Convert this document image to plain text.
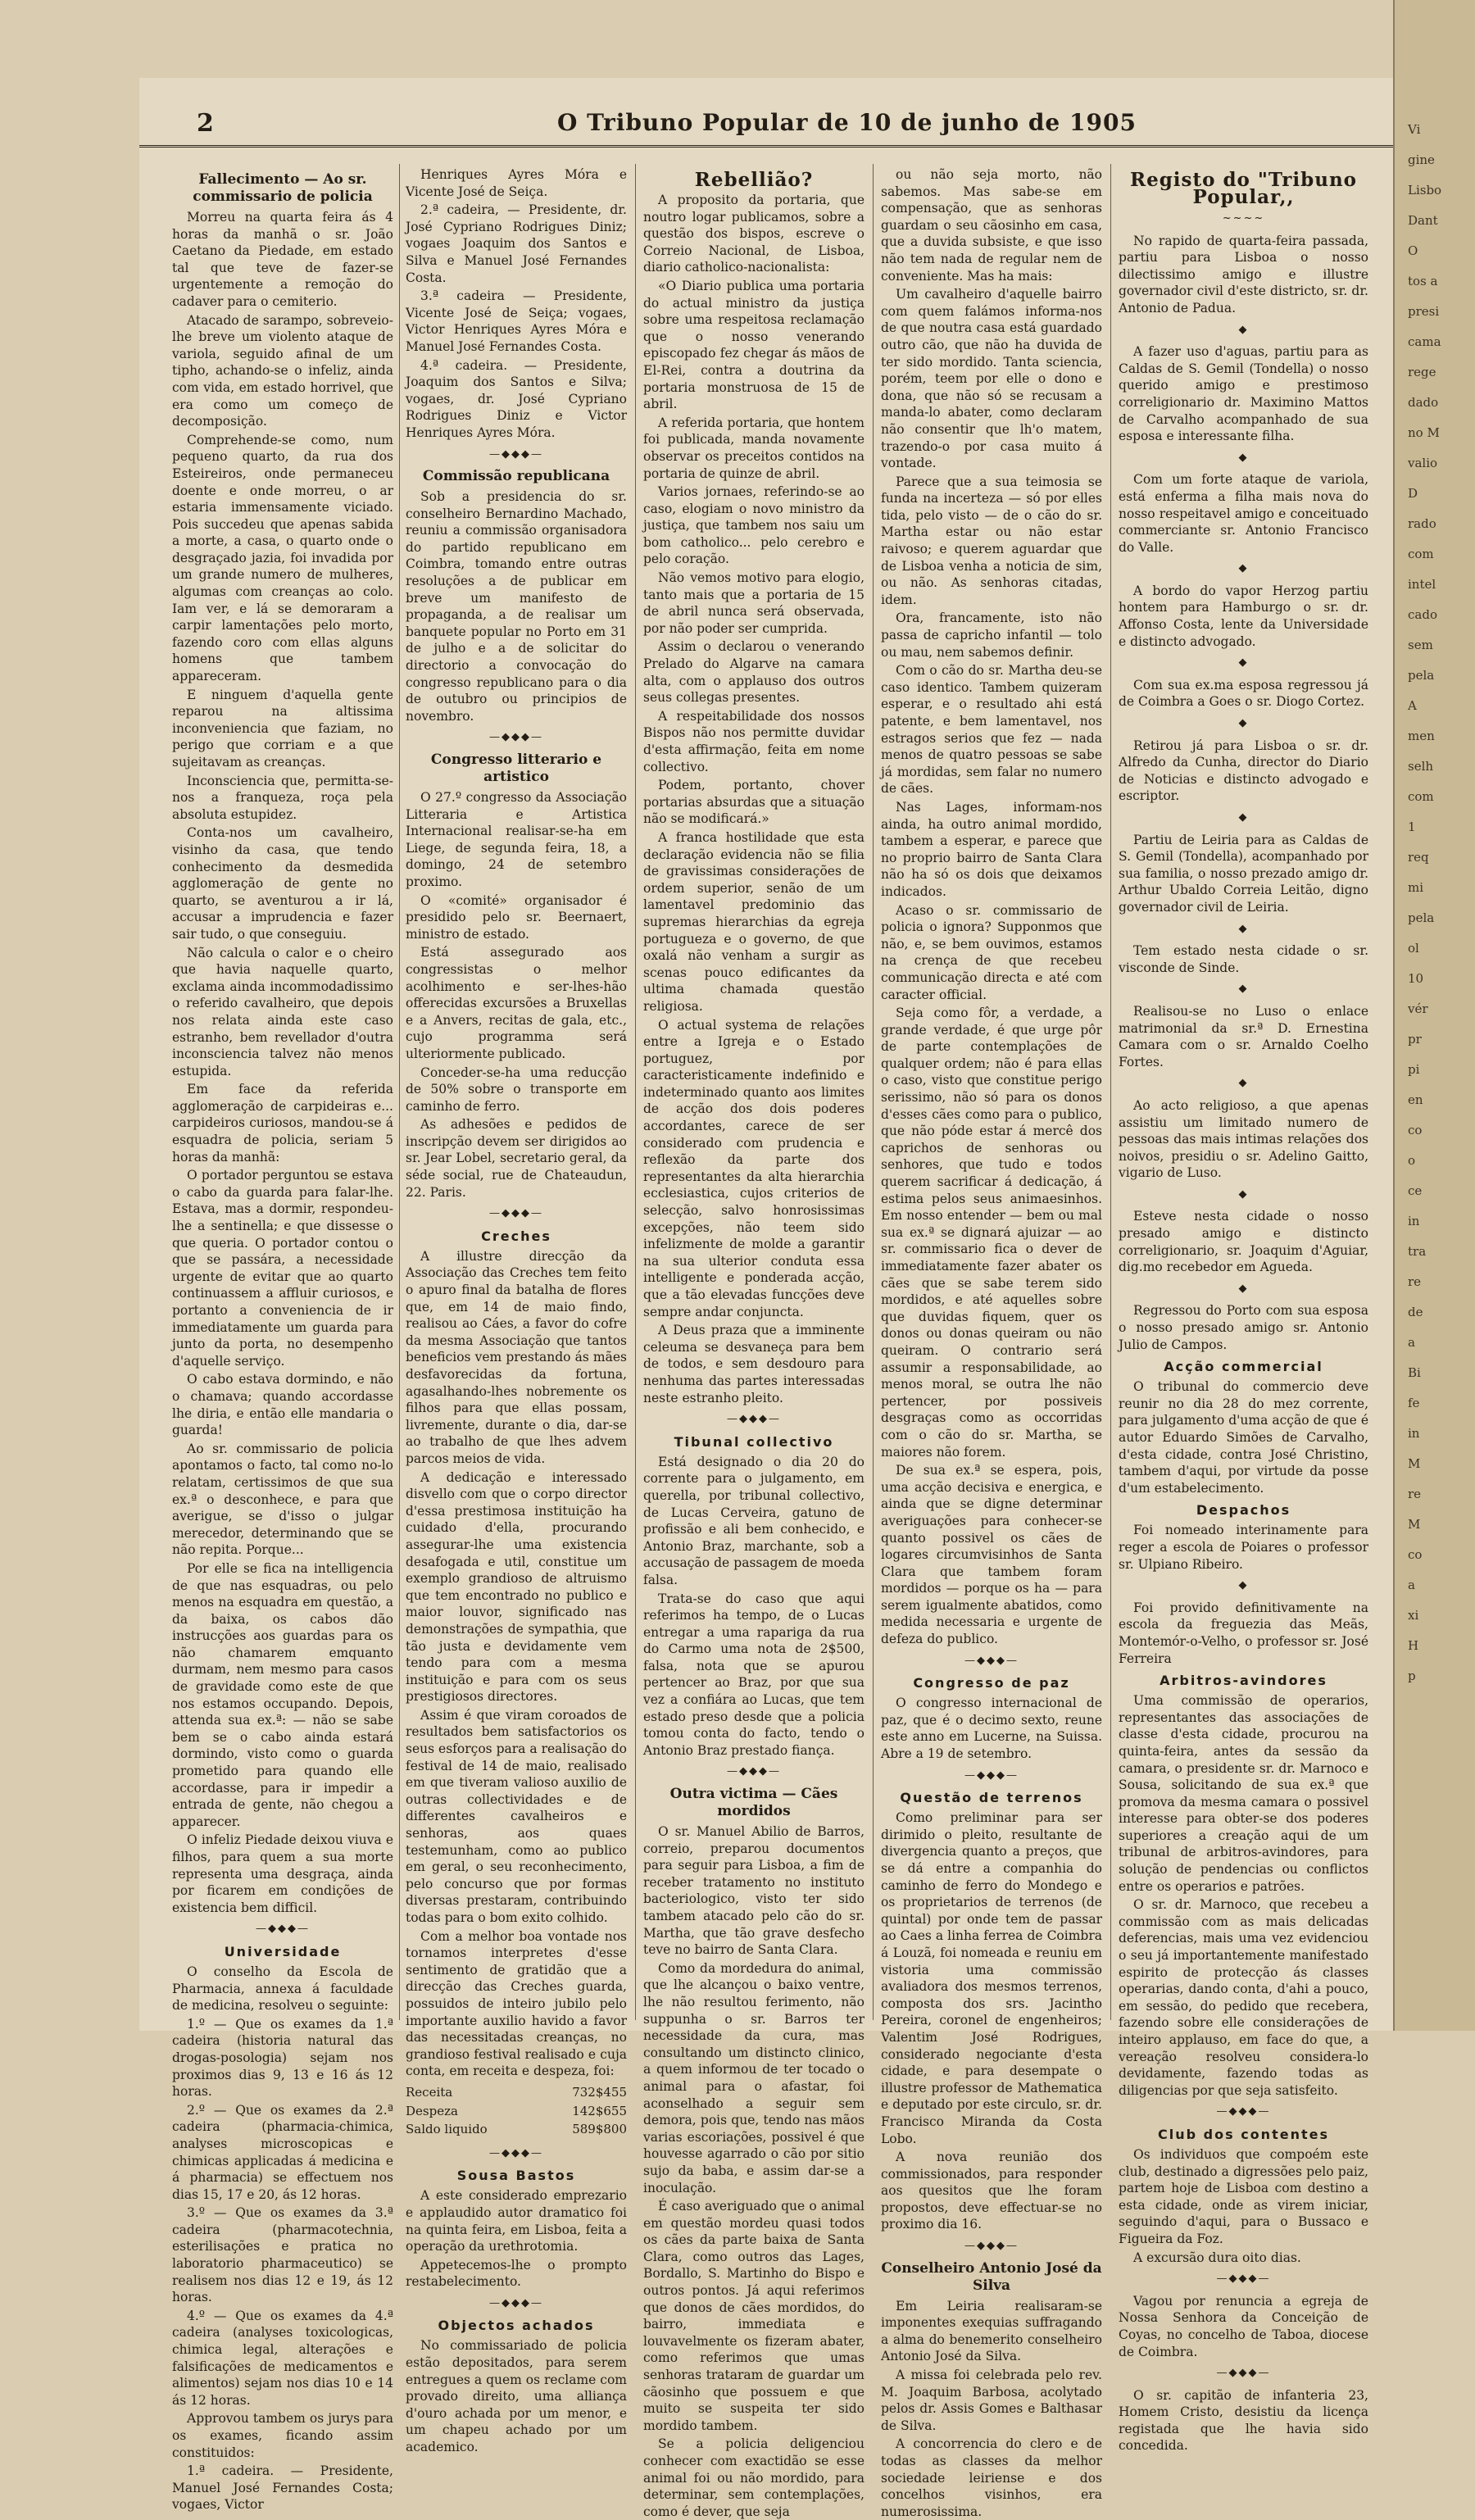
2	O Tribuno Popular de 10 de junho de 1905
Fallecimento — Ao sr. commissario de policia

Morreu na quarta feira ás 4 horas da manhã o sr. João Caetano da Piedade, em estado tal que teve de fazer-se urgentemente a remoção do cadaver para o cemiterio.

Atacado de sarampo, sobreveio-lhe breve um violento ataque de variola, seguido afinal de um tipho, achando-se o infeliz, ainda com vida, em estado horrivel, que era como um começo de decomposição.

Comprehende-se como, num pequeno quarto, da rua dos Esteireiros, onde permaneceu doente e onde morreu, o ar estaria immensamente viciado. Pois succedeu que apenas sabida a morte, a casa, o quarto onde o desgraçado jazia, foi invadida por um grande numero de mulheres, algumas com creanças ao colo. Iam ver, e lá se demoraram a carpir lamentações pelo morto, fazendo coro com ellas alguns homens que tambem appareceram.

E ninguem d'aquella gente reparou na altissima inconveniencia que faziam, no perigo que corriam e a que sujeitavam as creanças.

Inconsciencia que, permitta-se-nos a franqueza, roça pela absoluta estupidez.

Conta-nos um cavalheiro, visinho da casa, que tendo conhecimento da desmedida agglomeração de gente no quarto, se aventurou a ir lá, accusar a imprudencia e fazer sair tudo, o que conseguiu.

Não calcula o calor e o cheiro que havia naquelle quarto, exclama ainda incommodadissimo o referido cavalheiro, que depois nos relata ainda este caso estranho, bem revellador d'outra inconsciencia talvez não menos estupida.

Em face da referida agglomeração de carpideiras e... carpideiros curiosos, mandou-se á esquadra de policia, seriam 5 horas da manhã:

O portador perguntou se estava o cabo da guarda para falar-lhe. Estava, mas a dormir, respondeu-lhe a sentinella; e que dissesse o que queria. O portador contou o que se passára, a necessidade urgente de evitar que ao quarto continuassem a affluir curiosos, e portanto a conveniencia de ir immediatamente um guarda para junto da porta, no desempenho d'aquelle serviço.

O cabo estava dormindo, e não o chamava; quando accordasse lhe diria, e então elle mandaria o guarda!

Ao sr. commissario de policia apontamos o facto, tal como no-lo relatam, certissimos de que sua ex.ª o desconhece, e para que averigue, se d'isso o julgar merecedor, determinando que se não repita. Porque...

Por elle se fica na intelligencia de que nas esquadras, ou pelo menos na esquadra em questão, a da baixa, os cabos dão instrucções aos guardas para os não chamarem emquanto durmam, nem mesmo para casos de gravidade como este de que nos estamos occupando. Depois, attenda sua ex.ª: — não se sabe bem se o cabo ainda estará dormindo, visto como o guarda prometido para quando elle accordasse, para ir impedir a entrada de gente, não chegou a apparecer.

O infeliz Piedade deixou viuva e filhos, para quem a sua morte representa uma desgraça, ainda por ficarem em condições de existencia bem difficil.

—◆◆◆—
Universidade

O conselho da Escola de Pharmacia, annexa á faculdade de medicina, resolveu o seguinte:

1.º — Que os exames da 1.ª cadeira (historia natural das drogas-posologia) sejam nos proximos dias 9, 13 e 16 ás 12 horas.

2.º — Que os exames da 2.ª cadeira (pharmacia-chimica, analyses microscopicas e chimicas applicadas á medicina e á pharmacia) se effectuem nos dias 15, 17 e 20, ás 12 horas.

3.º — Que os exames da 3.ª cadeira (pharmacotechnia, esterilisações e pratica no laboratorio pharmaceutico) se realisem nos dias 12 e 19, ás 12 horas.

4.º — Que os exames da 4.ª cadeira (analyses toxicologicas, chimica legal, alterações e falsificações de medicamentos e alimentos) sejam nos dias 10 e 14 ás 12 horas.

Approvou tambem os jurys para os exames, ficando assim constituidos:

1.ª cadeira. — Presidente, Manuel José Fernandes Costa; vogaes, Victor

Henriques Ayres Móra e Vicente José de Seiça.

2.ª cadeira, — Presidente, dr. José Cypriano Rodrigues Diniz; vogaes Joaquim dos Santos e Silva e Manuel José Fernandes Costa.

3.ª cadeira — Presidente, Vicente José de Seiça; vogaes, Victor Henriques Ayres Móra e Manuel José Fernandes Costa.

4.ª cadeira. — Presidente, Joaquim dos Santos e Silva; vogaes, dr. José Cypriano Rodrigues Diniz e Victor Henriques Ayres Móra.

—◆◆◆—
Commissão republicana

Sob a presidencia do sr. conselheiro Bernardino Machado, reuniu a commissão organisadora do partido republicano em Coimbra, tomando entre outras resoluções a de publicar em breve um manifesto de propaganda, a de realisar um banquete popular no Porto em 31 de julho e a de solicitar do directorio a convocação do congresso republicano para o dia de outubro ou principios de novembro.

—◆◆◆—
Congresso litterario e artistico

O 27.º congresso da Associação Litteraria e Artistica Internacional realisar-se-ha em Liege, de segunda feira, 18, a domingo, 24 de setembro proximo.

O «comité» organisador é presidido pelo sr. Beernaert, ministro de estado.

Está assegurado aos congressistas o melhor acolhimento e ser-lhes-hão offerecidas excursões a Bruxellas e a Anvers, recitas de gala, etc., cujo programma será ulteriormente publicado.

Conceder-se-ha uma reducção de 50% sobre o transporte em caminho de ferro.

As adhesões e pedidos de inscripção devem ser dirigidos ao sr. Jear Lobel, secretario geral, da séde social, rue de Chateaudun, 22. Paris.

—◆◆◆—
Creches

A illustre direcção da Associação das Creches tem feito o apuro final da batalha de flores que, em 14 de maio findo, realisou ao Cáes, a favor do cofre da mesma Associação que tantos beneficios vem prestando ás mães desfavorecidas da fortuna, agasalhando-lhes nobremente os filhos para que ellas possam, livremente, durante o dia, dar-se ao trabalho de que lhes advem parcos meios de vida.

A dedicação e interessado disvello com que o corpo director d'essa prestimosa instituição ha cuidado d'ella, procurando assegurar-lhe uma existencia desafogada e util, constitue um exemplo grandioso de altruismo que tem encontrado no publico e maior louvor, significado nas demonstrações de sympathia, que tão justa e devidamente vem tendo para com a mesma instituição e para com os seus prestigiosos directores.

Assim é que viram coroados de resultados bem satisfactorios os seus esforços para a realisação do festival de 14 de maio, realisado em que tiveram valioso auxilio de outras collectividades e de differentes cavalheiros e senhoras, aos quaes testemunham, como ao publico em geral, o seu reconhecimento, pelo concurso que por formas diversas prestaram, contribuindo todas para o bom exito colhido.

Com a melhor boa vontade nos tornamos interpretes d'esse sentimento de gratidão que a direcção das Creches guarda, possuidos de inteiro jubilo pelo importante auxilio havido a favor das necessitadas creanças, no grandioso festival realisado e cuja conta, em receita e despeza, foi:

Receita	732$455
Despeza	142$655
Saldo liquido	589$800
—◆◆◆—
Sousa Bastos

A este considerado emprezario e applaudido autor dramatico foi na quinta feira, em Lisboa, feita a operação da urethrotomia.

Appetecemos-lhe o prompto restabelecimento.

—◆◆◆—
Objectos achados

No commissariado de policia estão depositados, para serem entregues a quem os reclame com provado direito, uma alliança d'ouro achada por um menor, e um chapeu achado por um academico.

Rebellião?

A proposito da portaria, que noutro logar publicamos, sobre a questão dos bispos, escreve o Correio Nacional, de Lisboa, diario catholico-nacionalista:

«O Diario publica uma portaria do actual ministro da justiça sobre uma respeitosa reclamação que o nosso venerando episcopado fez chegar ás mãos de El-Rei, contra a doutrina da portaria monstruosa de 15 de abril.

A referida portaria, que hontem foi publicada, manda novamente observar os preceitos contidos na portaria de quinze de abril.

Varios jornaes, referindo-se ao caso, elogiam o novo ministro da justiça, que tambem nos saiu um bom catholico... pelo cerebro e pelo coração.

Não vemos motivo para elogio, tanto mais que a portaria de 15 de abril nunca será observada, por não poder ser cumprida.

Assim o declarou o venerando Prelado do Algarve na camara alta, com o applauso dos outros seus collegas presentes.

A respeitabilidade dos nossos Bispos não nos permitte duvidar d'esta affirmação, feita em nome collectivo.

Podem, portanto, chover portarias absurdas que a situação não se modificará.»

A franca hostilidade que esta declaração evidencia não se filia de gravissimas considerações de ordem superior, senão de um lamentavel predominio das supremas hierarchias da egreja portugueza e o governo, de que oxalá não venham a surgir as scenas pouco edificantes da ultima chamada questão religiosa.

O actual systema de relações entre a Igreja e o Estado portuguez, por caracteristicamente indefinido e indeterminado quanto aos limites de acção dos dois poderes accordantes, carece de ser considerado com prudencia e reflexão da parte dos representantes da alta hierarchia ecclesiastica, cujos criterios de selecção, salvo honrosissimas excepções, não teem sido infelizmente de molde a garantir na sua ulterior conduta essa intelligente e ponderada acção, que a tão elevadas funcções deve sempre andar conjuncta.

A Deus praza que a imminente celeuma se desvaneça para bem de todos, e sem desdouro para nenhuma das partes interessadas neste estranho pleito.

—◆◆◆—
Tibunal collectivo

Está designado o dia 20 do corrente para o julgamento, em querella, por tribunal collectivo, de Lucas Cerveira, gatuno de profissão e ali bem conhecido, e Antonio Braz, marchante, sob a accusação de passagem de moeda falsa.

Trata-se do caso que aqui referimos ha tempo, de o Lucas entregar a uma rapariga da rua do Carmo uma nota de 2$500, falsa, nota que se apurou pertencer ao Braz, por que sua vez a confiára ao Lucas, que tem estado preso desde que a policia tomou conta do facto, tendo o Antonio Braz prestado fiança.

—◆◆◆—
Outra victima — Cães mordidos

O sr. Manuel Abilio de Barros, correio, preparou documentos para seguir para Lisboa, a fim de receber tratamento no instituto bacteriologico, visto ter sido tambem atacado pelo cão do sr. Martha, que tão grave desfecho teve no bairro de Santa Clara.

Como da mordedura do animal, que lhe alcançou o baixo ventre, lhe não resultou ferimento, não suppunha o sr. Barros ter necessidade da cura, mas consultando um distincto clinico, a quem informou de ter tocado o animal para o afastar, foi aconselhado a seguir sem demora, pois que, tendo nas mãos varias escoriações, possivel é que houvesse agarrado o cão por sitio sujo da baba, e assim dar-se a inoculação.

É caso averiguado que o animal em questão mordeu quasi todos os cães da parte baixa de Santa Clara, como outros das Lages, Bordallo, S. Martinho do Bispo e outros pontos. Já aqui referimos que donos de cães mordidos, do bairro, immediata e louvavelmente os fizeram abater, como referimos que umas senhoras trataram de guardar um cãosinho que possuem e que muito se suspeita ter sido mordido tambem.

Se a policia deligenciou conhecer com exactidão se esse animal foi ou não mordido, para determinar, sem contemplações, como é dever, que seja

ou não seja morto, não sabemos. Mas sabe-se em compensação, que as senhoras guardam o seu cãosinho em casa, que a duvida subsiste, e que isso não tem nada de regular nem de conveniente. Mas ha mais:

Um cavalheiro d'aquelle bairro com quem falámos informa-nos de que noutra casa está guardado outro cão, que não ha duvida de ter sido mordido. Tanta sciencia, porém, teem por elle o dono e dona, que não só se recusam a manda-lo abater, como declaram não consentir que lh'o matem, trazendo-o por casa muito á vontade.

Parece que a sua teimosia se funda na incerteza — só por elles tida, pelo visto — de o cão do sr. Martha estar ou não estar raivoso; e querem aguardar que de Lisboa venha a noticia de sim, ou não. As senhoras citadas, idem.

Ora, francamente, isto não passa de capricho infantil — tolo ou mau, nem sabemos definir.

Com o cão do sr. Martha deu-se caso identico. Tambem quizeram esperar, e o resultado ahi está patente, e bem lamentavel, nos estragos serios que fez — nada menos de quatro pessoas se sabe já mordidas, sem falar no numero de cães.

Nas Lages, informam-nos ainda, ha outro animal mordido, tambem a esperar, e parece que no proprio bairro de Santa Clara não ha só os dois que deixamos indicados.

Acaso o sr. commissario de policia o ignora? Supponmos que não, e, se bem ouvimos, estamos na crença de que recebeu communicação directa e até com caracter official.

Seja como fôr, a verdade, a grande verdade, é que urge pôr de parte contemplações de qualquer ordem; não é para ellas o caso, visto que constitue perigo serissimo, não só para os donos d'esses cães como para o publico, que não póde estar á mercê dos caprichos de senhoras ou senhores, que tudo e todos querem sacrificar á dedicação, á estima pelos seus animaesinhos. Em nosso entender — bem ou mal sua ex.ª se dignará ajuizar — ao sr. commissario fica o dever de immediatamente fazer abater os cães que se sabe terem sido mordidos, e até aquelles sobre que duvidas fiquem, quer os donos ou donas queiram ou não queiram. O contrario será assumir a responsabilidade, ao menos moral, se outra lhe não pertencer, por possiveis desgraças como as occorridas com o cão do sr. Martha, se maiores não forem.

De sua ex.ª se espera, pois, uma acção decisiva e energica, e ainda que se digne determinar averiguações para conhecer-se quanto possivel os cães de logares circumvisinhos de Santa Clara que tambem foram mordidos — porque os ha — para serem igualmente abatidos, como medida necessaria e urgente de defeza do publico.

—◆◆◆—
Congresso de paz

O congresso internacional de paz, que é o decimo sexto, reune este anno em Lucerne, na Suissa. Abre a 19 de setembro.

—◆◆◆—
Questão de terrenos

Como preliminar para ser dirimido o pleito, resultante de divergencia quanto a preços, que se dá entre a companhia do caminho de ferro do Mondego e os proprietarios de terrenos (de quintal) por onde tem de passar ao Caes a linha ferrea de Coimbra á Louzã, foi nomeada e reuniu em vistoria uma commissão avaliadora dos mesmos terrenos, composta dos srs. Jacintho Pereira, coronel de engenheiros; Valentim José Rodrigues, considerado negociante d'esta cidade, e para desempate o illustre professor de Mathematica e deputado por este circulo, sr. dr. Francisco Miranda da Costa Lobo.

A nova reunião dos commissionados, para responder aos quesitos que lhe foram propostos, deve effectuar-se no proximo dia 16.

—◆◆◆—
Conselheiro Antonio José da Silva

Em Leiria realisaram-se imponentes exequias suffragando a alma do benemerito conselheiro Antonio José da Silva.

A missa foi celebrada pelo rev. M. Joaquim Barbosa, acolytado pelos dr. Assis Gomes e Balthasar de Silva.

A concorrencia do clero e de todas as classes da melhor sociedade leiriense e dos concelhos visinhos, era numerosissima.

Registo do "Tribuno Popular,,
~~~~

No rapido de quarta-feira passada, partiu para Lisboa o nosso dilectissimo amigo e illustre governador civil d'este districto, sr. dr. Antonio de Padua.

◆

A fazer uso d'aguas, partiu para as Caldas de S. Gemil (Tondella) o nosso querido amigo e prestimoso correligionario dr. Maximino Mattos de Carvalho acompanhado de sua esposa e interessante filha.

◆

Com um forte ataque de variola, está enferma a filha mais nova do nosso respeitavel amigo e conceituado commerciante sr. Antonio Francisco do Valle.

◆

A bordo do vapor Herzog partiu hontem para Hamburgo o sr. dr. Affonso Costa, lente da Universidade e distincto advogado.

◆

Com sua ex.ma esposa regressou já de Coimbra a Goes o sr. Diogo Cortez.

◆

Retirou já para Lisboa o sr. dr. Alfredo da Cunha, director do Diario de Noticias e distincto advogado e escriptor.

◆

Partiu de Leiria para as Caldas de S. Gemil (Tondella), acompanhado por sua familia, o nosso prezado amigo dr. Arthur Ubaldo Correia Leitão, digno governador civil de Leiria.

◆

Tem estado nesta cidade o sr. visconde de Sinde.

◆

Realisou-se no Luso o enlace matrimonial da sr.ª D. Ernestina Camara com o sr. Arnaldo Coelho Fortes.

◆

Ao acto religioso, a que apenas assistiu um limitado numero de pessoas das mais intimas relações dos noivos, presidiu o sr. Adelino Gaitto, vigario de Luso.

◆

Esteve nesta cidade o nosso presado amigo e distincto correligionario, sr. Joaquim d'Aguiar, dig.mo recebedor em Agueda.

◆

Regressou do Porto com sua esposa o nosso presado amigo sr. Antonio Julio de Campos.

Acção commercial

O tribunal do commercio deve reunir no dia 28 do mez corrente, para julgamento d'uma acção de que é autor Eduardo Simões de Carvalho, d'esta cidade, contra José Christino, tambem d'aqui, por virtude da posse d'um estabelecimento.

Despachos

Foi nomeado interinamente para reger a escola de Poiares o professor sr. Ulpiano Ribeiro.

◆

Foi provido definitivamente na escola da freguezia das Meãs, Montemór-o-Velho, o professor sr. José Ferreira

Arbitros-avindores

Uma commissão de operarios, representantes das associações de classe d'esta cidade, procurou na quinta-feira, antes da sessão da camara, o presidente sr. dr. Marnoco e Sousa, solicitando de sua ex.ª que promova da mesma camara o possivel interesse para obter-se dos poderes superiores a creação aqui de um tribunal de arbitros-avindores, para solução de pendencias ou conflictos entre os operarios e patrões.

O sr. dr. Marnoco, que recebeu a commissão com as mais delicadas deferencias, mais uma vez evidenciou o seu já importantemente manifestado espirito de protecção ás classes operarias, dando conta, d'ahi a pouco, em sessão, do pedido que recebera, fazendo sobre elle considerações de inteiro applauso, em face do que, a vereação resolveu considera-lo devidamente, fazendo todas as diligencias por que seja satisfeito.

—◆◆◆—
Club dos contentes

Os individuos que compoém este club, destinado a digressões pelo paiz, partem hoje de Lisboa com destino a esta cidade, onde as virem iniciar, seguindo d'aqui, para o Bussaco e Figueira da Foz.

A excursão dura oito dias.

—◆◆◆—

Vagou por renuncia a egreja de Nossa Senhora da Conceição de Coyas, no concelho de Taboa, diocese de Coimbra.

—◆◆◆—

O sr. capitão de infanteria 23, Homem Cristo, desistiu da licença registada que lhe havia sido concedida.

Vi
gine
Lisbo
Dant
O
tos a
presi
cama
rege
dado
no M
valio
D
rado
com
intel
cado
sem
pela
A
men
selh
com
1
req
mi
pela
ol
10
vér
pr
pi
en
co
o
ce
in
tra
re
de
a
Bi
fe
in
M
re
M
co
a
xi
H
p
